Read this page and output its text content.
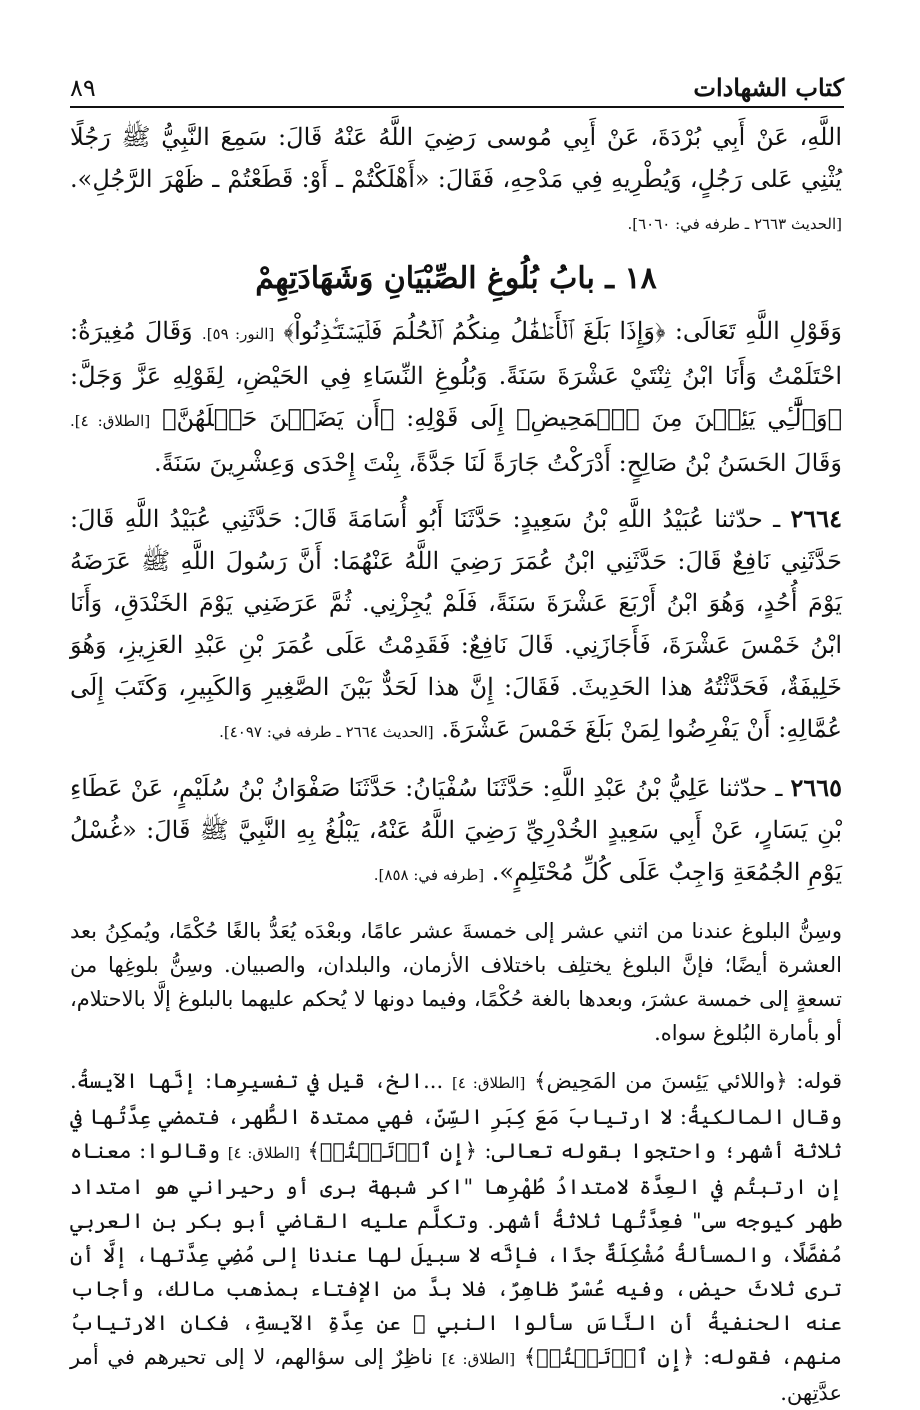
كتاب الشهادات
٨٩

اللَّهِ، عَنْ أَبِي بُرْدَةَ، عَنْ أَبِي مُوسى رَضِيَ اللَّهُ عَنْهُ قَالَ: سَمِعَ النَّبِيُّ ﷺ رَجُلًا يُثْنِي عَلى رَجُلٍ، وَيُطْرِيهِ فِي مَدْحِهِ، فَقَالَ: «أَهْلَكْتُمْ ـ أَوْ: قَطَعْتُمْ ـ ظَهْرَ الرَّجُلِ». [الحديث ٢٦٦٣ ـ طرفه في: ٦٠٦٠].

١٨ ـ بابُ بُلُوغِ الصِّبْيَانِ وَشَهَادَتِهِمْ

وَقَوْلِ اللَّهِ تَعَالَى: ﴿وَإِذَا بَلَغَ ٱلۡأَطۡفَٰلُ مِنكُمُ ٱلۡحُلُمَ فَلۡيَسۡتَـٔۡذِنُواْ﴾ [النور: ٥٩]. وَقَالَ مُغِيرَةُ: احْتَلَمْتُ وَأَنَا ابْنُ ثِنْتَيْ عَشْرَةَ سَنَةً. وَبُلُوغِ النِّسَاءِ فِي الحَيْضِ، لِقَوْلِهِ عَزَّ وَجَلَّ: ﴿وَٱلَّٰٓـِٔي يَئِسۡنَ مِنَ ٱلۡمَحِيضِ﴾ إِلَى قَوْلِهِ: ﴿أَن يَضَعۡنَ حَمۡلَهُنَّ﴾ [الطلاق: ٤]. وَقَالَ الحَسَنُ بْنُ صَالِحٍ: أَدْرَكْتُ جَارَةً لَنَا جَدَّةً، بِنْتَ إِحْدَى وَعِشْرِينَ سَنَةً.

٢٦٦٤ ـ حدّثنا عُبَيْدُ اللَّهِ بْنُ سَعِيدٍ: حَدَّثَنَا أَبُو أُسَامَةَ قَالَ: حَدَّثَنِي عُبَيْدُ اللَّهِ قَالَ: حَدَّثَنِي نَافِعٌ قَالَ: حَدَّثَنِي ابْنُ عُمَرَ رَضِيَ اللَّهُ عَنْهُمَا: أَنَّ رَسُولَ اللَّهِ ﷺ عَرَضَهُ يَوْمَ أُحُدٍ، وَهُوَ ابْنُ أَرْبَعَ عَشْرَةَ سَنَةً، فَلَمْ يُجِزْنِي. ثُمَّ عَرَضَنِي يَوْمَ الخَنْدَقِ، وَأَنَا ابْنُ خَمْسَ عَشْرَةَ، فَأَجَازَنِي. قَالَ نَافِعٌ: فَقَدِمْتُ عَلَى عُمَرَ بْنِ عَبْدِ العَزِيزِ، وَهُوَ خَلِيفَةٌ، فَحَدَّثْتُهُ هذا الحَدِيثَ. فَقَالَ: إِنَّ هذا لَحَدٌّ بَيْنَ الصَّغِيرِ وَالكَبِيرِ، وَكَتَبَ إِلَى عُمَّالِهِ: أَنْ يَفْرِضُوا لِمَنْ بَلَغَ خَمْسَ عَشْرَةَ. [الحديث ٢٦٦٤ ـ طرفه في: ٤٠٩٧].

٢٦٦٥ ـ حدّثنا عَلِيُّ بْنُ عَبْدِ اللَّهِ: حَدَّثَنَا سُفْيَانُ: حَدَّثَنَا صَفْوَانُ بْنُ سُلَيْمٍ، عَنْ عَطَاءِ بْنِ يَسَارٍ، عَنْ أَبِي سَعِيدٍ الخُدْرِيِّ رَضِيَ اللَّهُ عَنْهُ، يَبْلُغُ بِهِ النَّبِيَّ ﷺ قَالَ: «غُسْلُ يَوْمِ الجُمُعَةِ وَاجِبٌ عَلَى كُلِّ مُحْتَلِمٍ». [طرفه في: ٨٥٨].

وسِنُّ البلوغ عندنا من اثني عشر إلى خمسةَ عشر عامًا، وبعْدَه يُعَدُّ بالغًا حُكْمًا، ويُمكِنُ بعد العشرة أيضًا؛ فإنَّ البلوغ يختلِف باختلاف الأزمان، والبلدان، والصبيان. وسِنُّ بلوغِها من تسعةٍ إلى خمسة عشرَ، وبعدها بالغة حُكْمًا، وفيما دونها لا يُحكم عليهما بالبلوغ إلَّا بالاحتلام، أو بأمارة البُلوغ سواه.

قوله: ﴿واللائي يَئِسنَ من المَحِيض﴾ [الطلاق: ٤] ...الخ، قيل في تفسيرِها: إنَّها الآيسةُ. وقال المالكيةُ: لا ارتيابَ مَعَ كِبَرِ السِّنِّ، فهي ممتدة الطُّهر، فتمضي عِدَّتُها في ثلاثة أشهر؛ واحتجوا بقوله تعالى: ﴿إِنِ ٱرۡتَبۡتُمۡ﴾ [الطلاق: ٤] وقالوا: معناه إنِ ارتبتُم في العِدَّة لامتدادُ طُهْرِها "اكر شبهة برى أو رحيراني هو امتداد طهر كيوجه سى" فعِدَّتُها ثلاثةُ أشهر. وتكلَّم عليه القاضي أبو بكر بن العربي مُفصَّلًا، والمسألةُ مُشْكِلَةٌ جدًا، فإنَّه لا سبيلَ لها عندنا إلى مُضِي عِدَّتها، إلَّا أن ترى ثلاثَ حيض، وفيه عُسْرٌ ظاهِرٌ، فلا بدَّ من الإفتاء بمذهب مالك، وأجاب عنه الحنفيةُ أن النَّاسَ سألوا النبي ﷺ عن عِدَّةِ الآيسةِ، فكان الارتيابُ منهم، فقوله: ﴿إِنِ ٱرۡتَبۡتُمۡ﴾ [الطلاق: ٤] ناظِرٌ إلى سؤالهم، لا إلى تحيرهم في أمر عدَّتِهن.
